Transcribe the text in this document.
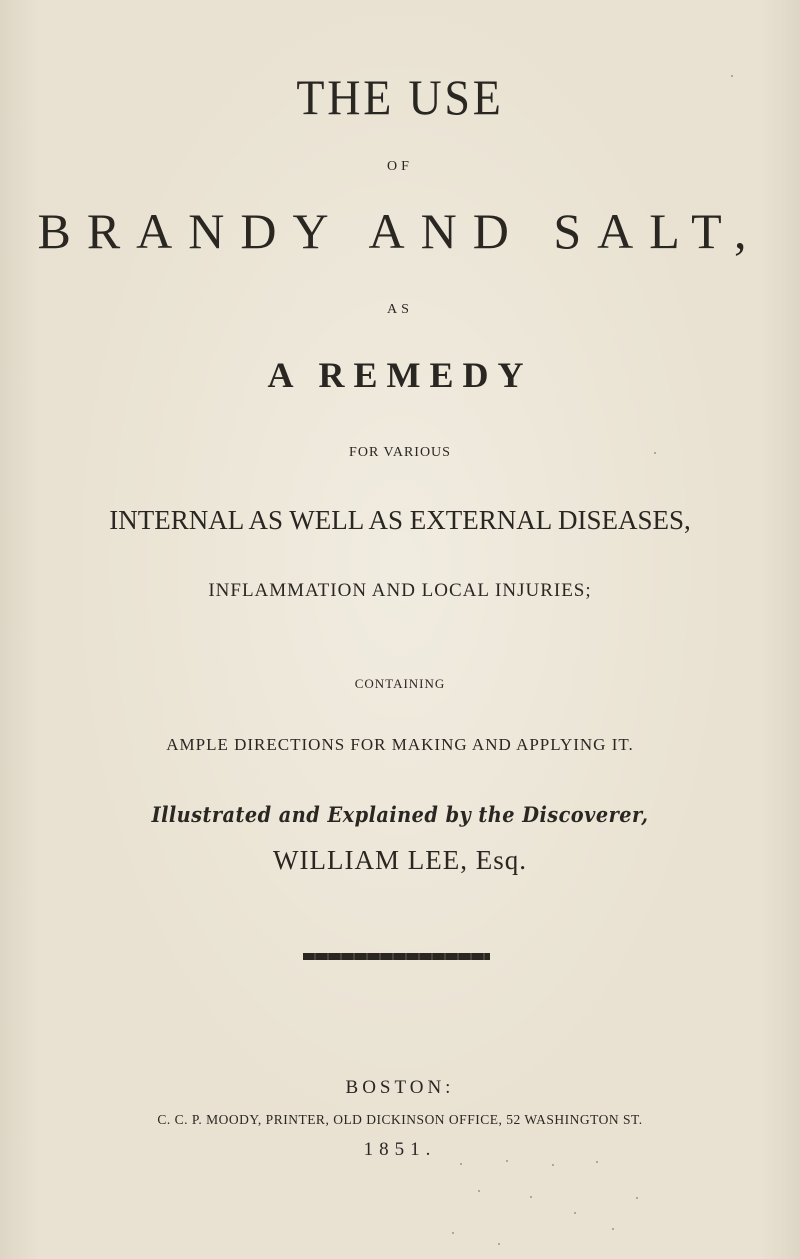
THE USE

OF

BRANDY AND SALT,

AS

A REMEDY

FOR VARIOUS

INTERNAL AS WELL AS EXTERNAL DISEASES,

INFLAMMATION AND LOCAL INJURIES;

CONTAINING

AMPLE DIRECTIONS FOR MAKING AND APPLYING IT.

Illustrated and Explained by the Discoverer,

WILLIAM LEE, Esq.

BOSTON:

C. C. P. MOODY, PRINTER, OLD DICKINSON OFFICE, 52 WASHINGTON ST.

1851.
